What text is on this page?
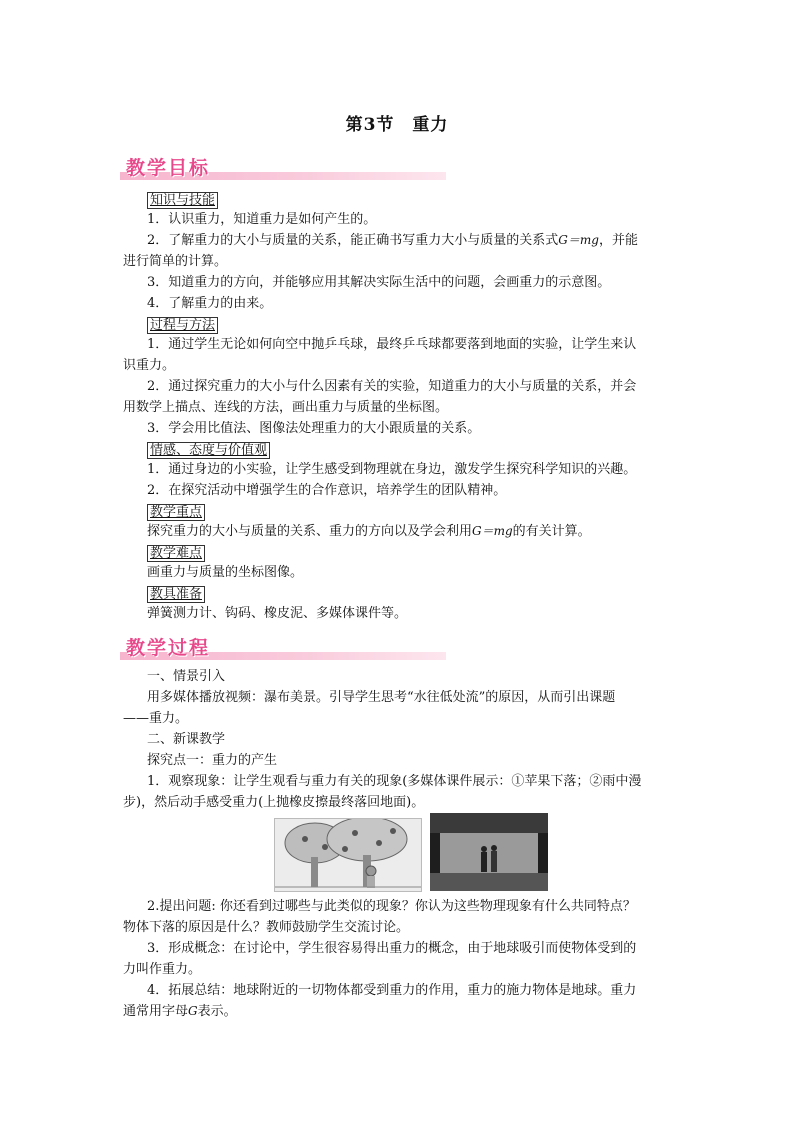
第3节　重力
教学目标
知识与技能
1．认识重力，知道重力是如何产生的。
2．了解重力的大小与质量的关系，能正确书写重力大小与质量的关系式G＝mg，并能
进行简单的计算。
3．知道重力的方向，并能够应用其解决实际生活中的问题，会画重力的示意图。
4．了解重力的由来。
过程与方法
1．通过学生无论如何向空中抛乒乓球，最终乒乓球都要落到地面的实验，让学生来认
识重力。
2．通过探究重力的大小与什么因素有关的实验，知道重力的大小与质量的关系，并会
用数学上描点、连线的方法，画出重力与质量的坐标图。
3．学会用比值法、图像法处理重力的大小跟质量的关系。
情感、态度与价值观
1．通过身边的小实验，让学生感受到物理就在身边，激发学生探究科学知识的兴趣。
2．在探究活动中增强学生的合作意识，培养学生的团队精神。
教学重点
探究重力的大小与质量的关系、重力的方向以及学会利用G＝mg的有关计算。
教学难点
画重力与质量的坐标图像。
教具准备
弹簧测力计、钩码、橡皮泥、多媒体课件等。
教学过程
一、情景引入
用多媒体播放视频：瀑布美景。引导学生思考“水往低处流”的原因，从而引出课题
——重力。
二、新课教学
探究点一：重力的产生
1．观察现象：让学生观看与重力有关的现象(多媒体课件展示：①苹果下落；②雨中漫
步)，然后动手感受重力(上抛橡皮擦最终落回地面)。
2.提出问题: 你还看到过哪些与此类似的现象？你认为这些物理现象有什么共同特点？
物体下落的原因是什么？教师鼓励学生交流讨论。
3．形成概念：在讨论中，学生很容易得出重力的概念，由于地球吸引而使物体受到的
力叫作重力。
4．拓展总结：地球附近的一切物体都受到重力的作用，重力的施力物体是地球。重力
通常用字母G表示。
